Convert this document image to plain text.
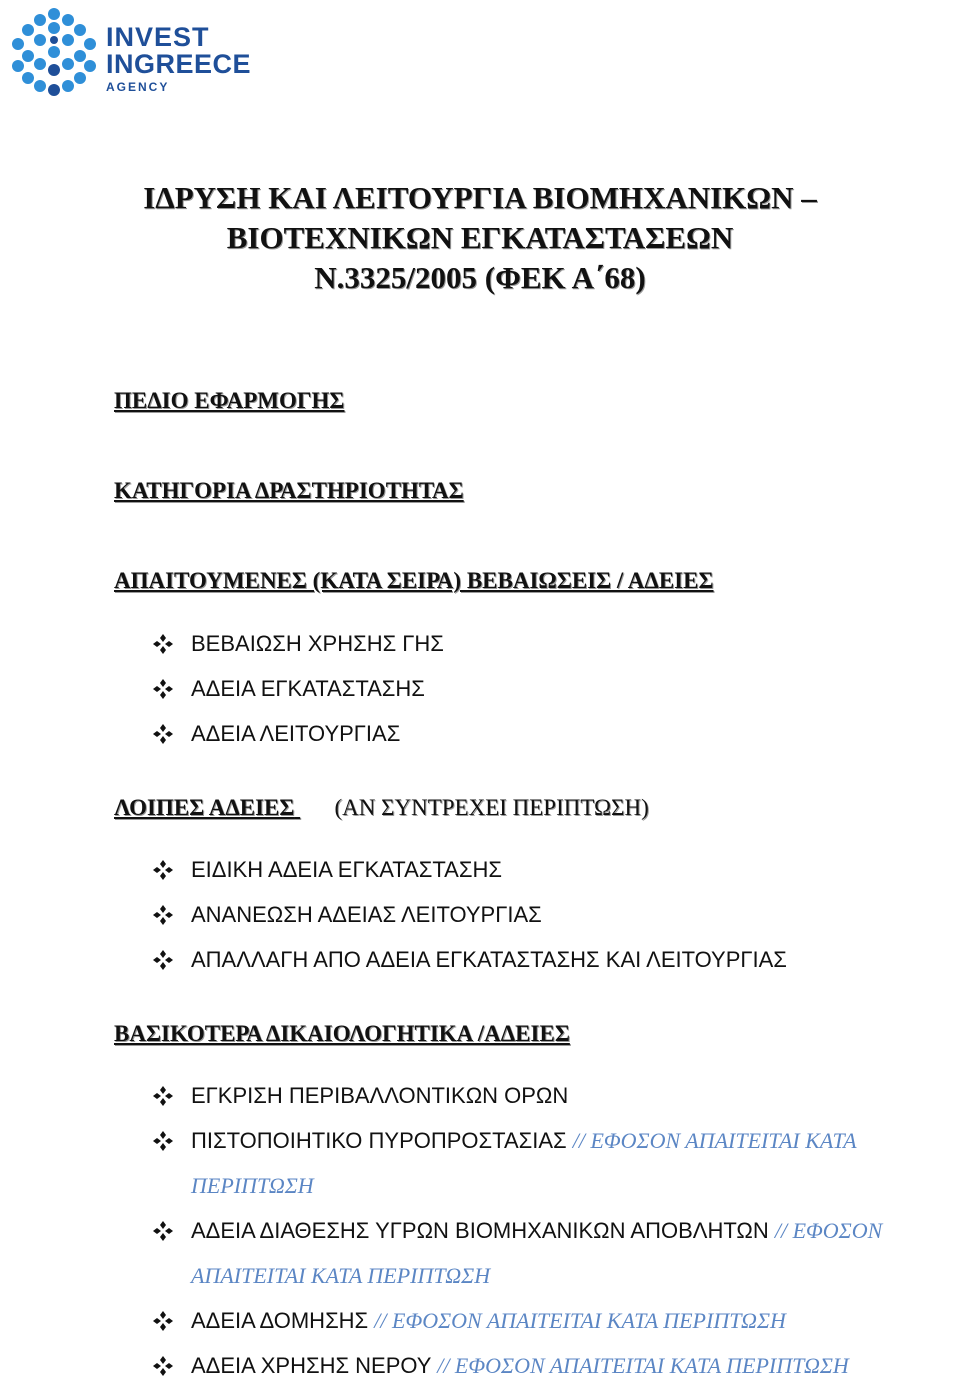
INVEST
INGREECE
AGENCY
ΙΔΡΥΣΗ ΚΑΙ ΛΕΙΤΟΥΡΓΙΑ ΒΙΟΜΗΧΑΝΙΚΩΝ –
ΒΙΟΤΕΧΝΙΚΩΝ ΕΓΚΑΤΑΣΤΑΣΕΩΝ
Ν.3325/2005 (ΦΕΚ Α΄68)
ΠΕΔΙΟ ΕΦΑΡΜΟΓΗΣ
ΚΑΤΗΓΟΡΙΑ ΔΡΑΣΤΗΡΙΟΤΗΤΑΣ
ΑΠΑΙΤΟΥΜΕΝΕΣ (ΚΑΤΑ ΣΕΙΡΑ) ΒΕΒΑΙΩΣΕΙΣ / ΑΔΕΙΕΣ
ΒΕΒΑΙΩΣΗ ΧΡΗΣΗΣ ΓΗΣ
ΑΔΕΙΑ ΕΓΚΑΤΑΣΤΑΣΗΣ
ΑΔΕΙΑ ΛΕΙΤΟΥΡΓΙΑΣ
ΛΟΙΠΕΣ ΑΔΕΙΕΣ (ΑΝ ΣΥΝΤΡΕΧΕΙ ΠΕΡΙΠΤΩΣΗ)
ΕΙΔΙΚΗ ΑΔΕΙΑ ΕΓΚΑΤΑΣΤΑΣΗΣ
ΑΝΑΝΕΩΣΗ ΑΔΕΙΑΣ ΛΕΙΤΟΥΡΓΙΑΣ
ΑΠΑΛΛΑΓΗ ΑΠΟ ΑΔΕΙΑ ΕΓΚΑΤΑΣΤΑΣΗΣ ΚΑΙ ΛΕΙΤΟΥΡΓΙΑΣ
ΒΑΣΙΚΟΤΕΡΑ ΔΙΚΑΙΟΛΟΓΗΤΙΚΑ /ΑΔΕΙΕΣ
ΕΓΚΡΙΣΗ ΠΕΡΙΒΑΛΛΟΝΤΙΚΩΝ ΟΡΩΝ
ΠΙΣΤΟΠΟΙΗΤΙΚΟ ΠΥΡΟΠΡΟΣΤΑΣΙΑΣ // ΕΦΟΣΟΝ ΑΠΑΙΤΕΙΤΑΙ ΚΑΤΑ ΠΕΡΙΠΤΩΣΗ
ΑΔΕΙΑ ΔΙΑΘΕΣΗΣ ΥΓΡΩΝ ΒΙΟΜΗΧΑΝΙΚΩΝ ΑΠΟΒΛΗΤΩΝ // ΕΦΟΣΟΝ ΑΠΑΙΤΕΙΤΑΙ ΚΑΤΑ ΠΕΡΙΠΤΩΣΗ
ΑΔΕΙΑ ΔΟΜΗΣΗΣ // ΕΦΟΣΟΝ ΑΠΑΙΤΕΙΤΑΙ ΚΑΤΑ ΠΕΡΙΠΤΩΣΗ
ΑΔΕΙΑ ΧΡΗΣΗΣ ΝΕΡΟΥ // ΕΦΟΣΟΝ ΑΠΑΙΤΕΙΤΑΙ ΚΑΤΑ ΠΕΡΙΠΤΩΣΗ
